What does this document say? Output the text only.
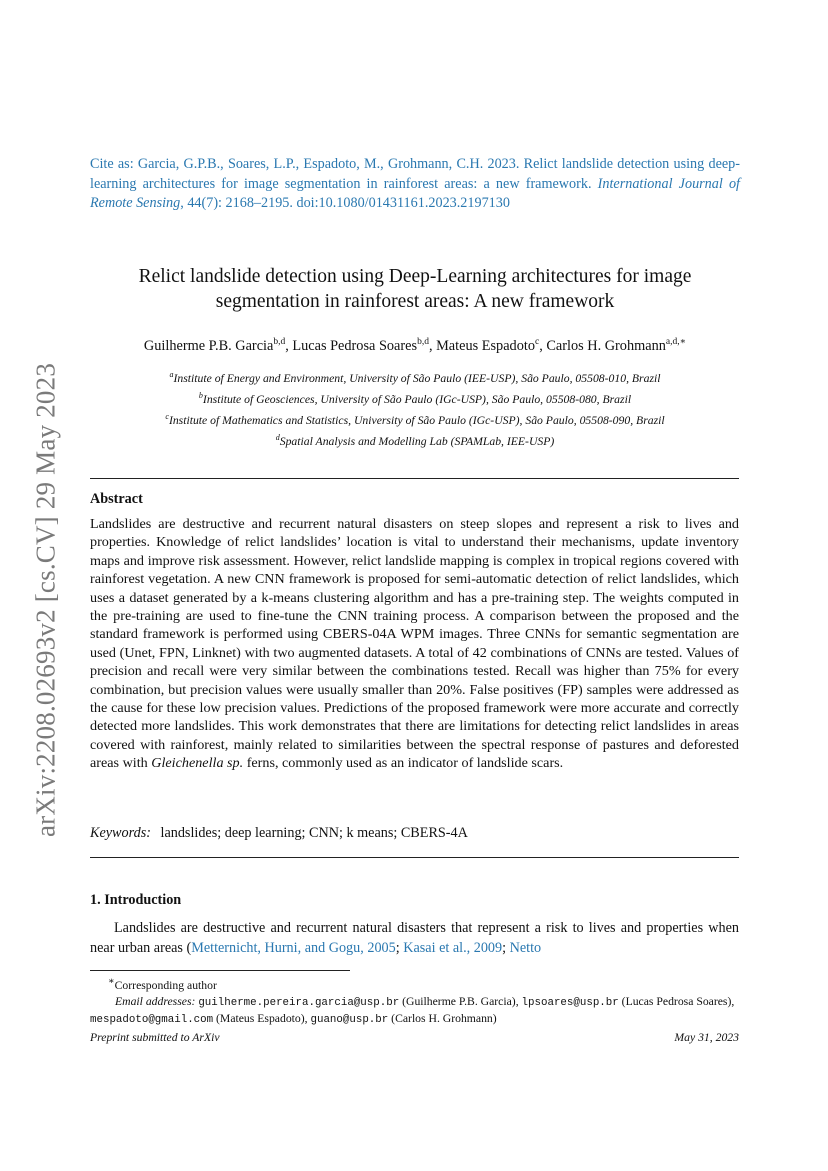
arXiv:2208.02693v2 [cs.CV] 29 May 2023
Cite as: Garcia, G.P.B., Soares, L.P., Espadoto, M., Grohmann, C.H. 2023. Relict landslide detection using deep-learning architectures for image segmentation in rainforest areas: a new framework. International Journal of Remote Sensing, 44(7): 2168–2195. doi:10.1080/01431161.2023.2197130
Relict landslide detection using Deep-Learning architectures for image segmentation in rainforest areas: A new framework
Guilherme P.B. Garcia$^{b,d}$, Lucas Pedrosa Soares$^{b,d}$, Mateus Espadoto$^c$, Carlos H. Grohmann$^{a,d,∗}$
$^a$Institute of Energy and Environment, University of São Paulo (IEE-USP), São Paulo, 05508-010, Brazil
$^b$Institute of Geosciences, University of São Paulo (IGc-USP), São Paulo, 05508-080, Brazil
$^c$Institute of Mathematics and Statistics, University of São Paulo (IGc-USP), São Paulo, 05508-090, Brazil
$^d$Spatial Analysis and Modelling Lab (SPAMLab, IEE-USP)
Abstract
Landslides are destructive and recurrent natural disasters on steep slopes and represent a risk to lives and properties. Knowledge of relict landslides’ location is vital to understand their mechanisms, update inventory maps and improve risk assessment. However, relict landslide mapping is complex in tropical regions covered with rainforest vegetation. A new CNN framework is proposed for semi-automatic detection of relict landslides, which uses a dataset generated by a k-means clustering algorithm and has a pre-training step. The weights computed in the pre-training are used to fine-tune the CNN training process. A comparison between the proposed and the standard framework is performed using CBERS-04A WPM images. Three CNNs for semantic segmentation are used (Unet, FPN, Linknet) with two augmented datasets. A total of 42 combinations of CNNs are tested. Values of precision and recall were very similar between the combinations tested. Recall was higher than 75% for every combination, but precision values were usually smaller than 20%. False positives (FP) samples were addressed as the cause for these low precision values. Predictions of the proposed framework were more accurate and correctly detected more landslides. This work demonstrates that there are limitations for detecting relict landslides in areas covered with rainforest, mainly related to similarities between the spectral response of pastures and deforested areas with Gleichenella sp. ferns, commonly used as an indicator of landslide scars.
Keywords: landslides; deep learning; CNN; k means; CBERS-4A
1. Introduction
Landslides are destructive and recurrent natural disasters that represent a risk to lives and properties when near urban areas (Metternicht, Hurni, and Gogu, 2005; Kasai et al., 2009; Netto
∗Corresponding author
Email addresses: guilherme.pereira.garcia@usp.br (Guilherme P.B. Garcia), lpsoares@usp.br (Lucas Pedrosa Soares), mespadoto@gmail.com (Mateus Espadoto), guano@usp.br (Carlos H. Grohmann)
Preprint submitted to ArXiv	May 31, 2023
